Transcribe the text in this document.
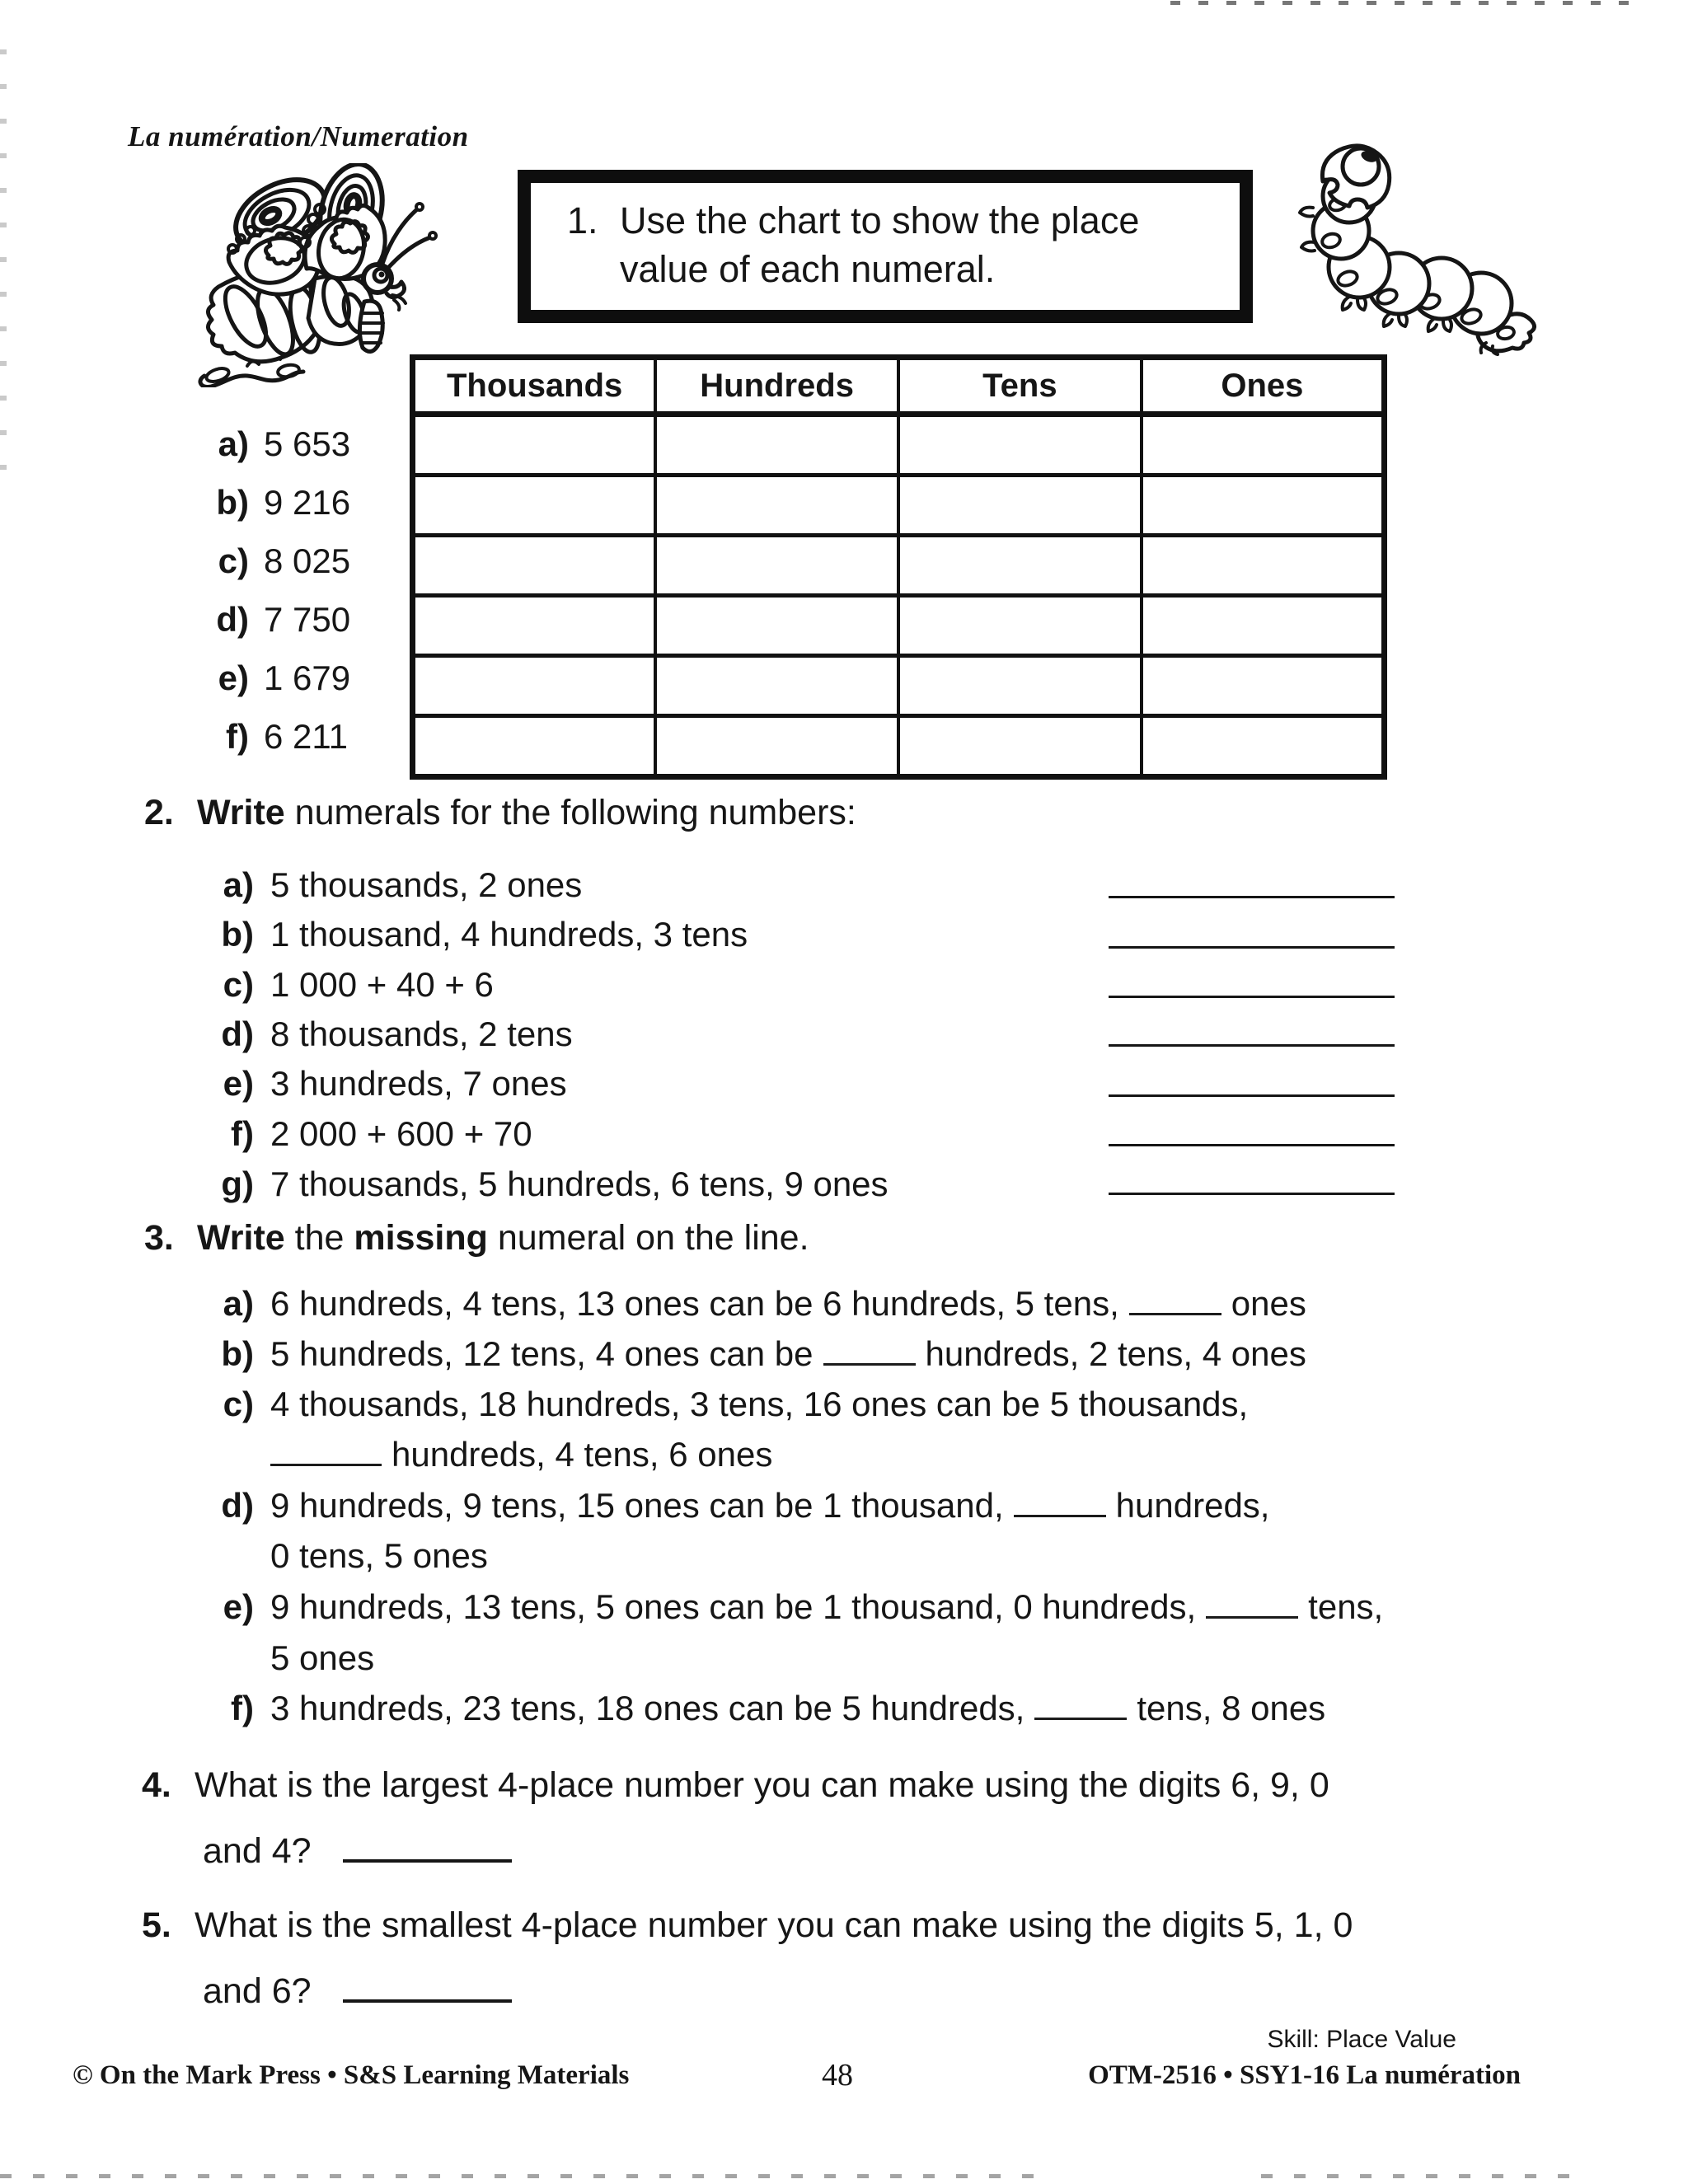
La numération/Numeration
1. Use the chart to show the place
value of each numeral.
Thousands	Hundreds	Tens	Ones

a) 5 653
b) 9 216
c) 8 025
d) 7 750
e) 1 679
f) 6 211
2. Write numerals for the following numbers:
a) 5 thousands, 2 ones
b) 1 thousand, 4 hundreds, 3 tens
c) 1 000 + 40 + 6
d) 8 thousands, 2 tens
e) 3 hundreds, 7 ones
f) 2 000 + 600 + 70
g) 7 thousands, 5 hundreds, 6 tens, 9 ones
3. Write the missing numeral on the line.
a) 6 hundreds, 4 tens, 13 ones can be 6 hundreds, 5 tens,	ones
b) 5 hundreds, 12 tens, 4 ones can be	hundreds, 2 tens, 4 ones
c) 4 thousands, 18 hundreds, 3 tens, 16 ones can be 5 thousands,
hundreds, 4 tens, 6 ones
d) 9 hundreds, 9 tens, 15 ones can be 1 thousand,	hundreds,
0 tens, 5 ones
e) 9 hundreds, 13 tens, 5 ones can be 1 thousand, 0 hundreds,	tens,
5 ones
f) 3 hundreds, 23 tens, 18 ones can be 5 hundreds,	tens, 8 ones
4. What is the largest 4-place number you can make using the digits 6, 9, 0
and 4?
5. What is the smallest 4-place number you can make using the digits 5, 1, 0
and 6?
Skill: Place Value
© On the Mark Press • S&S Learning Materials	48	OTM-2516 • SSY1-16 La numération
